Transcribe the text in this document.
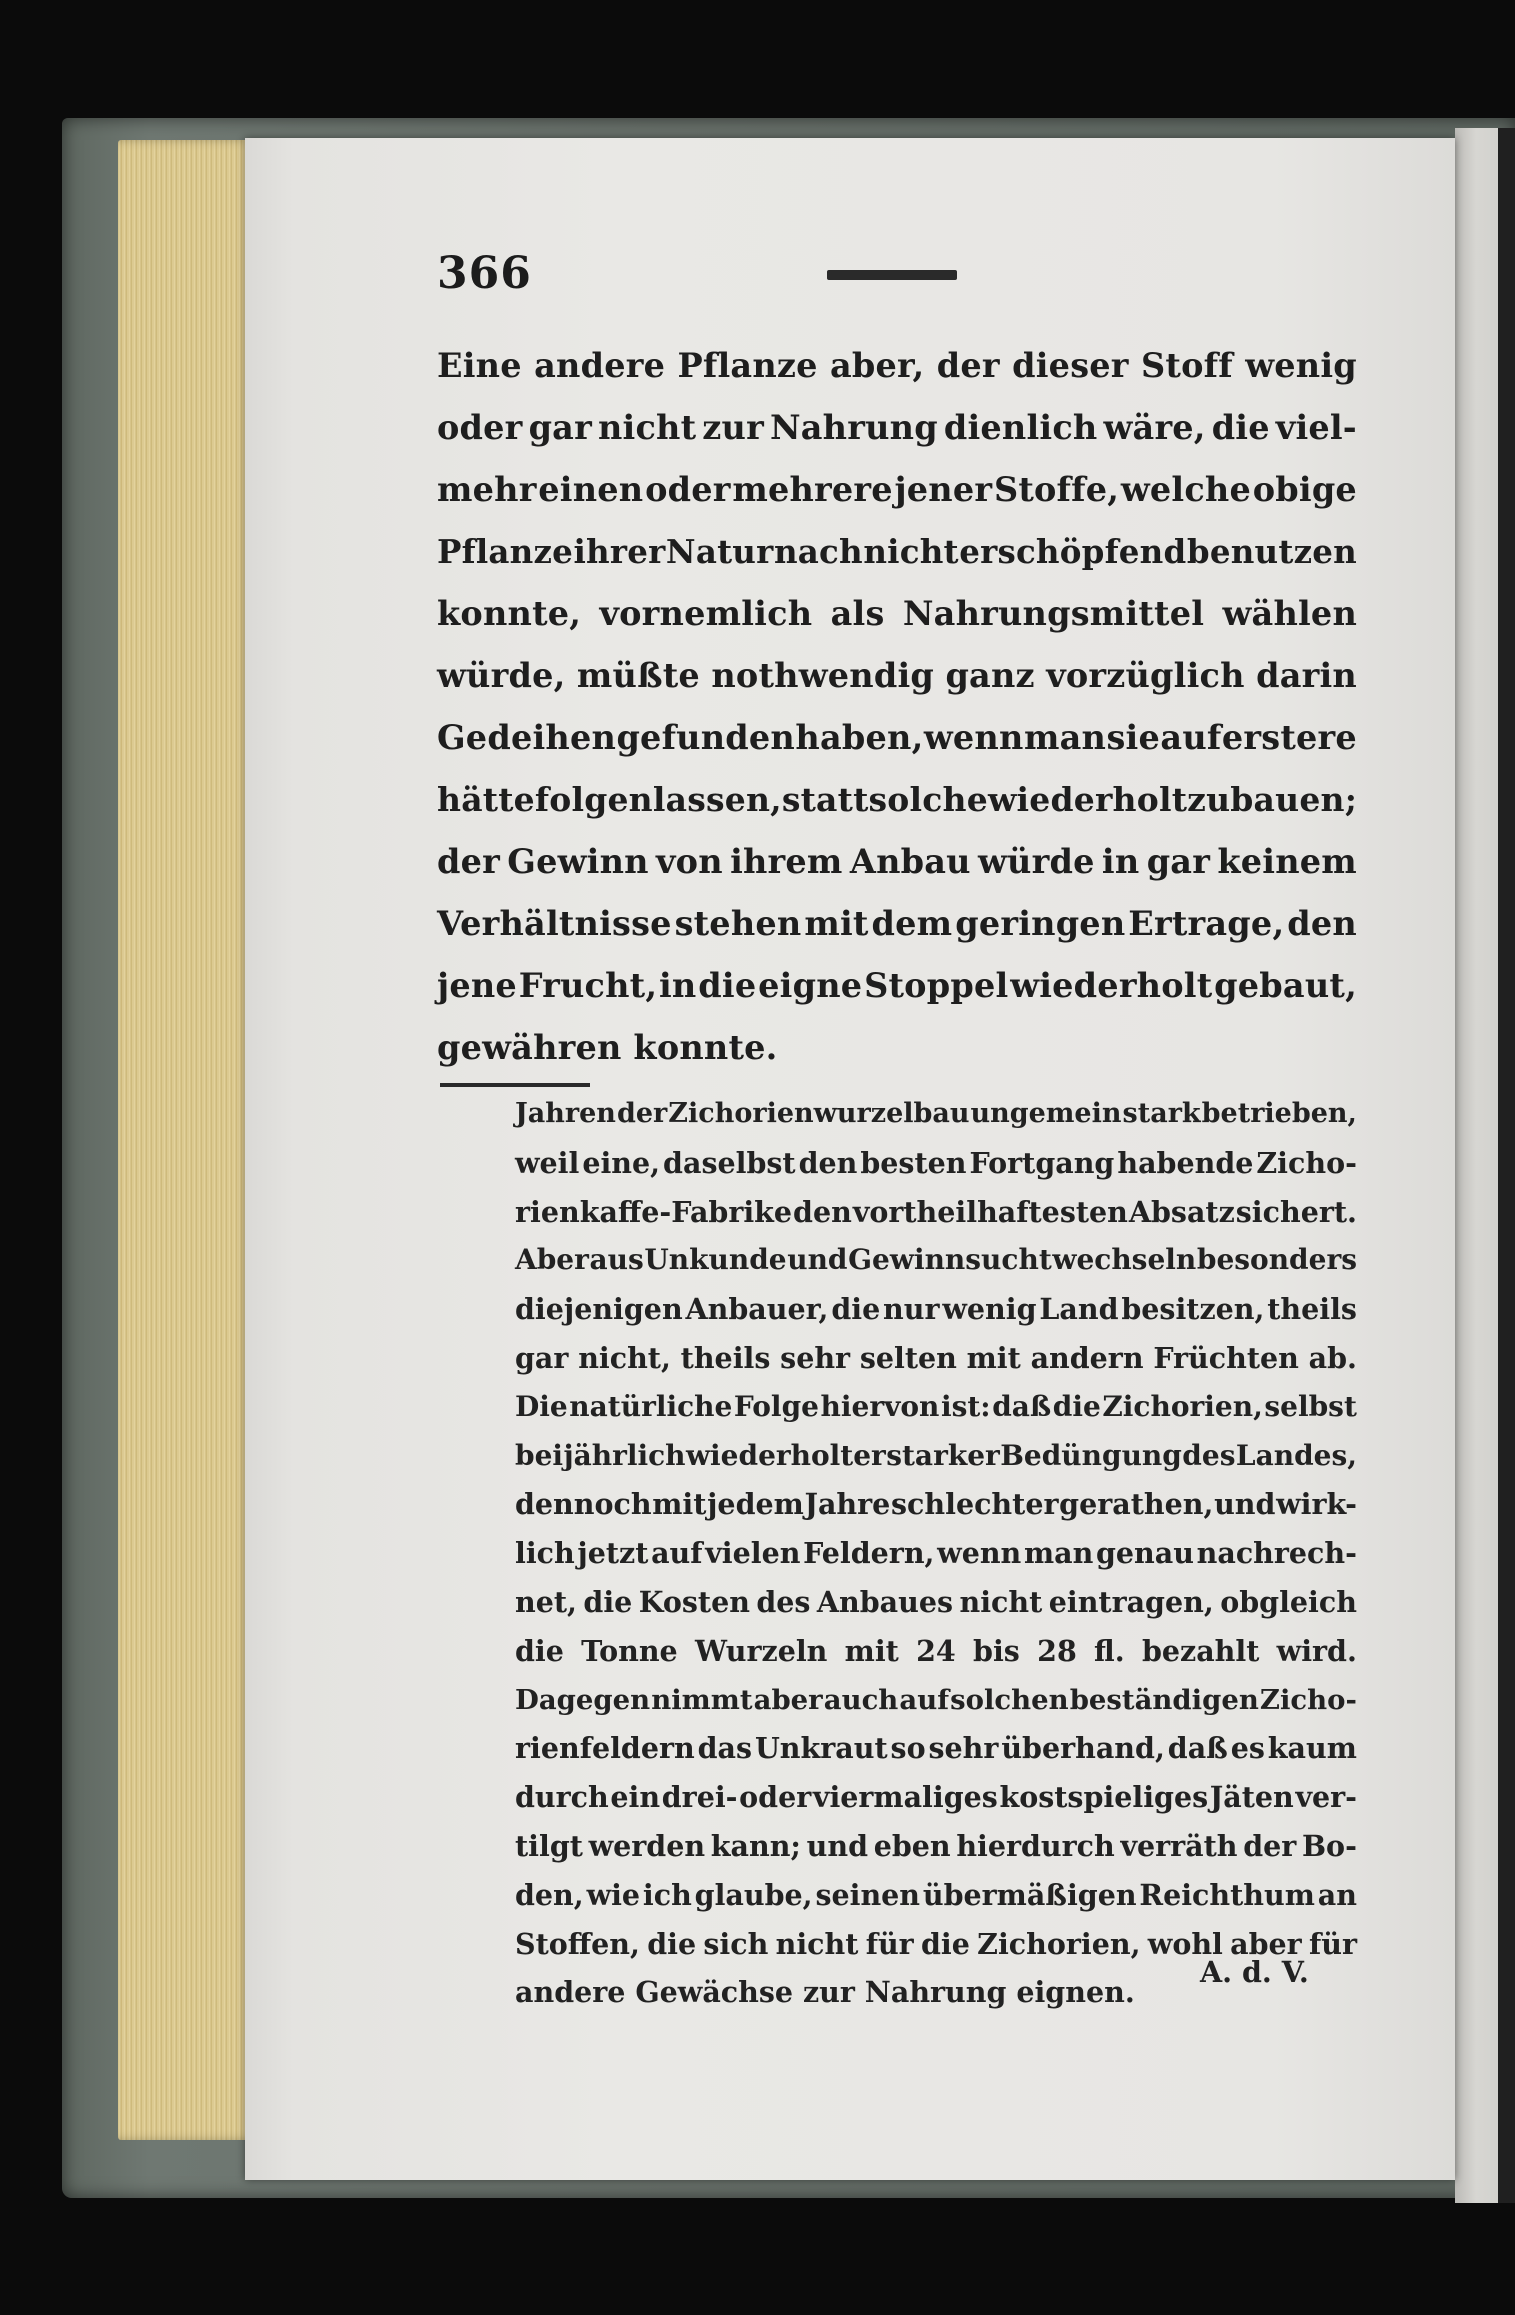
366
Eine andere Pflanze aber, der dieser Stoff wenig
oder gar nicht zur Nahrung dienlich wäre, die viel-
mehr einen oder mehrere jener Stoffe, welche obige
Pflanze ihrer Natur nach nicht erschöpfend benutzen
konnte, vornemlich als Nahrungsmittel wählen
würde, müßte nothwendig ganz vorzüglich darin
Gedeihen gefunden haben, wenn man sie auf erstere
hätte folgen lassen, statt solche wiederholt zu bauen;
der Gewinn von ihrem Anbau würde in gar keinem
Verhältnisse stehen mit dem geringen Ertrage, den
jene Frucht, in die eigne Stoppel wiederholt gebaut,
gewähren konnte.
Jahren der Zichorienwurzelbau ungemein stark betrieben,
weil eine, daselbst den besten Fortgang habende Zicho-
rienkaffe-Fabrike den vortheilhaftesten Absatz sichert.
Aber aus Unkunde und Gewinnsucht wechseln besonders
diejenigen Anbauer, die nur wenig Land besitzen, theils
gar nicht, theils sehr selten mit andern Früchten ab.
Die natürliche Folge hiervon ist: daß die Zichorien, selbst
bei jährlich wiederholter starker Bedüngung des Landes,
dennoch mit jedem Jahre schlechter gerathen, und wirk-
lich jetzt auf vielen Feldern, wenn man genau nachrech-
net, die Kosten des Anbaues nicht eintragen, obgleich
die Tonne Wurzeln mit 24 bis 28 fl. bezahlt wird.
Dagegen nimmt aber auch auf solchen beständigen Zicho-
rienfeldern das Unkraut so sehr überhand, daß es kaum
durch ein drei- oder viermaliges kostspieliges Jäten ver-
tilgt werden kann; und eben hierdurch verräth der Bo-
den, wie ich glaube, seinen übermäßigen Reichthum an
Stoffen, die sich nicht für die Zichorien, wohl aber für
andere Gewächse zur Nahrung eignen.
A. d. V.
